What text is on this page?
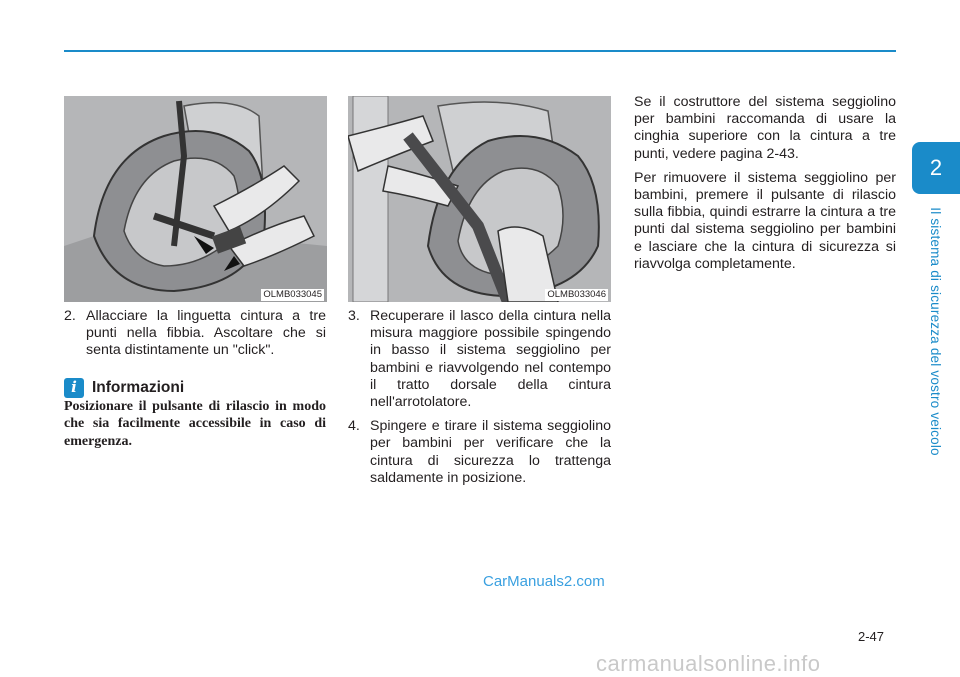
2
Il sistema di sicurezza del vostro veicolo
OLMB033045	OLMB033046
2. Allacciare la linguetta cintura a tre punti nella fibbia. Ascoltare che si senta distintamente un "click".
i Informazioni

Posizionare il pulsante di rilascio in modo che sia facilmente accessibile in caso di emergenza.

3. Recuperare il lasco della cintura nella misura maggiore possibile spingendo in basso il sistema seggiolino per bambini e riavvolgendo nel contempo il tratto dorsale della cintura nell'arrotolatore.
4. Spingere e tirare il sistema seggiolino per bambini per verificare che la cintura di sicurezza lo trattenga saldamente in posizione.

Se il costruttore del sistema seggiolino per bambini raccomanda di usare la cinghia superiore con la cintura a tre punti, vedere pagina 2-43.

Per rimuovere il sistema seggiolino per bambini, premere il pulsante di rilascio sulla fibbia, quindi estrarre la cintura a tre punti dal sistema seggiolino per bambini e lasciare che la cintura di sicurezza si riavvolga completamente.

CarManuals2.com
2-47
carmanualsonline.info
